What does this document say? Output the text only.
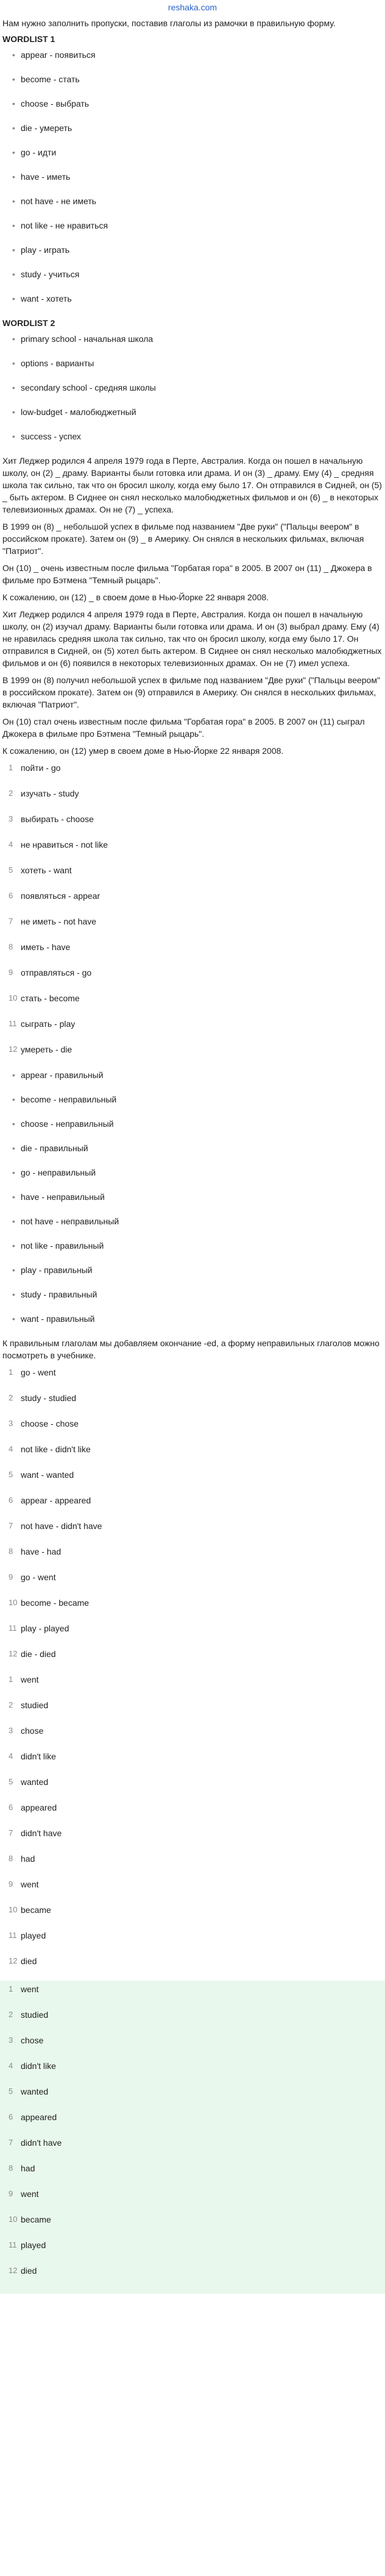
reshaka.com

Нам нужно заполнить пропуски, поставив глаголы из рамочки в правильную форму.

WORDLIST 1
• appear - появиться
• become - стать
• choose - выбрать
• die - умереть
• go - идти
• have - иметь
• not have - не иметь
• not like - не нравиться
• play - играть
• study - учиться
• want - хотеть
WORDLIST 2
• primary school - начальная школа
• options - варианты
• secondary school - средняя школы
• low-budget - малобюджетный
• success - успех

Хит Леджер родился 4 апреля 1979 года в Перте, Австралия. Когда он пошел в начальную школу, он (2) _ драму. Варианты были готовка или драма. И он (3) _ драму. Ему (4) _ средняя школа так сильно, так что он бросил школу, когда ему было 17. Он отправился в Сидней, он (5) _ быть актером. В Сиднее он снял несколько малобюджетных фильмов и он (6) _ в некоторых телевизионных драмах. Он не (7) _ успеха.

В 1999 он (8) _ небольшой успех в фильме под названием "Две руки" ("Пальцы веером" в российском прокате). Затем он (9) _ в Америку. Он снялся в нескольких фильмах, включая "Патриот".

Он (10) _ очень известным после фильма "Горбатая гора" в 2005. В 2007 он (11) _ Джокера в фильме про Бэтмена "Темный рыцарь".

К сожалению, он (12) _ в своем доме в Нью-Йорке 22 января 2008.

Хит Леджер родился 4 апреля 1979 года в Перте, Австралия. Когда он пошел в начальную школу, он (2) изучал драму. Варианты были готовка или драма. И он (3) выбрал драму. Ему (4) не нравилась средняя школа так сильно, так что он бросил школу, когда ему было 17. Он отправился в Сидней, он (5) хотел быть актером. В Сиднее он снял несколько малобюджетных фильмов и он (6) появился в некоторых телевизионных драмах. Он не (7) имел успеха.

В 1999 он (8) получил небольшой успех в фильме под названием "Две руки" ("Пальцы веером" в российском прокате). Затем он (9) отправился в Америку. Он снялся в нескольких фильмах, включая "Патриот".

Он (10) стал очень известным после фильма "Горбатая гора" в 2005. В 2007 он (11) сыграл Джокера в фильме про Бэтмена "Темный рыцарь".

К сожалению, он (12) умер в своем доме в Нью-Йорке 22 января 2008.

1 пойти - go
2 изучать - study
3 выбирать - choose
4 не нравиться - not like
5 хотеть - want
6 появляться - appear
7 не иметь - not have
8 иметь - have
9 отправляться - go
10 стать - become
11 сыграть - play
12 умереть - die
• appear - правильный
• become - неправильный
• choose - неправильный
• die - правильный
• go - неправильный
• have - неправильный
• not have - неправильный
• not like - правильный
• play - правильный
• study - правильный
• want - правильный

К правильным глаголам мы добавляем окончание -ed, а форму неправильных глаголов можно посмотреть в учебнике.

1 go - went
2 study - studied
3 choose - chose
4 not like - didn't like
5 want - wanted
6 appear - appeared
7 not have - didn't have
8 have - had
9 go - went
10 become - became
11 play - played
12 die - died
1 went
2 studied
3 chose
4 didn't like
5 wanted
6 appeared
7 didn't have
8 had
9 went
10 became
11 played
12 died
1 went
2 studied
3 chose
4 didn't like
5 wanted
6 appeared
7 didn't have
8 had
9 went
10 became
11 played
12 died
